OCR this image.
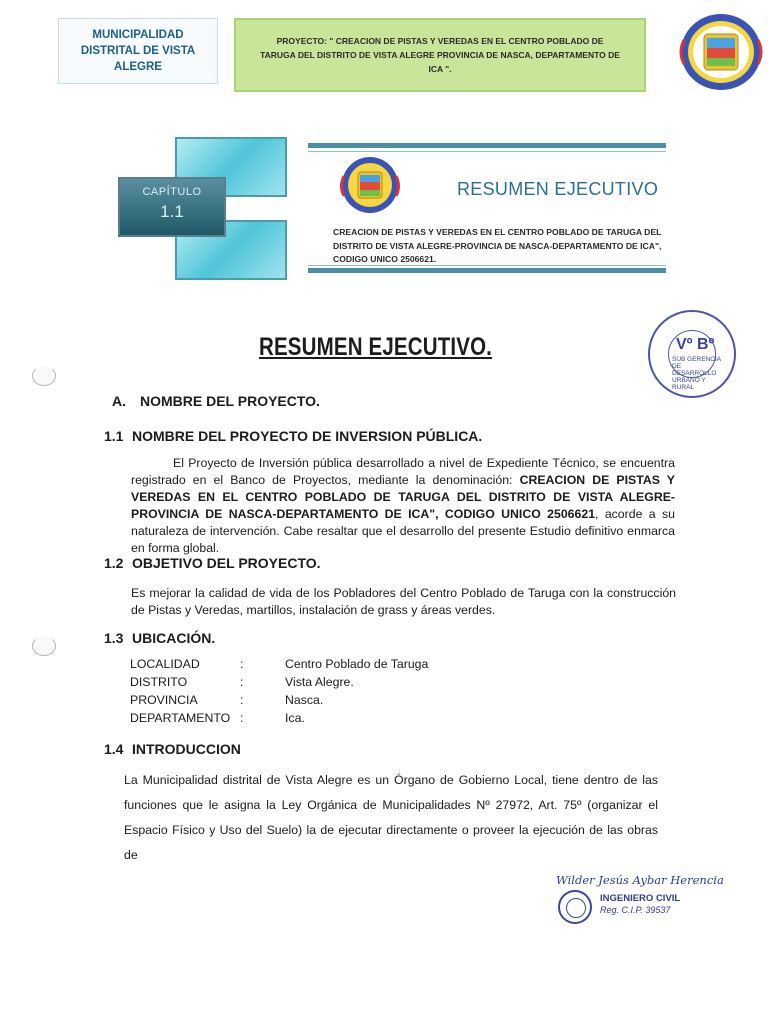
MUNICIPALIDAD DISTRITAL DE VISTA ALEGRE
PROYECTO: " CREACION DE PISTAS Y VEREDAS EN EL CENTRO POBLADO DE TARUGA DEL DISTRITO DE VISTA ALEGRE PROVINCIA DE NASCA, DEPARTAMENTO DE ICA ".
CAPÍTULO
1.1
RESUMEN EJECUTIVO
CREACION DE PISTAS Y VEREDAS EN EL CENTRO POBLADO DE TARUGA DEL DISTRITO DE VISTA ALEGRE-PROVINCIA DE NASCA-DEPARTAMENTO DE ICA", CODIGO UNICO 2506621.
Vº Bº
SUB GERENCIA DE DESARROLLO URBANO Y RURAL
RESUMEN EJECUTIVO.
A. NOMBRE DEL PROYECTO.
1.1 NOMBRE DEL PROYECTO DE INVERSION PÚBLICA.
El Proyecto de Inversión pública desarrollado a nivel de Expediente Técnico, se encuentra registrado en el Banco de Proyectos, mediante la denominación: CREACION DE PISTAS Y VEREDAS EN EL CENTRO POBLADO DE TARUGA DEL DISTRITO DE VISTA ALEGRE-PROVINCIA DE NASCA-DEPARTAMENTO DE ICA", CODIGO UNICO 2506621, acorde a su naturaleza de intervención. Cabe resaltar que el desarrollo del presente Estudio definitivo enmarca en forma global.
1.2 OBJETIVO DEL PROYECTO.
Es mejorar la calidad de vida de los Pobladores del Centro Poblado de Taruga con la construcción de Pistas y Veredas, martillos, instalación de grass y áreas verdes.
1.3 UBICACIÓN.
LOCALIDAD	:	Centro Poblado de Taruga
DISTRITO	:	Vista Alegre.
PROVINCIA	:	Nasca.
DEPARTAMENTO :	Ica.
1.4 INTRODUCCION
La Municipalidad distrital de Vista Alegre es un Órgano de Gobierno Local, tiene dentro de las funciones que le asigna la Ley Orgánica de Municipalidades Nº 27972, Art. 75º (organizar el Espacio Físico y Uso del Suelo) la de ejecutar directamente o proveer la ejecución de las obras de
Wilder Jesús Aybar Herencia
INGENIERO CIVIL
Reg. C.I.P. 39537
